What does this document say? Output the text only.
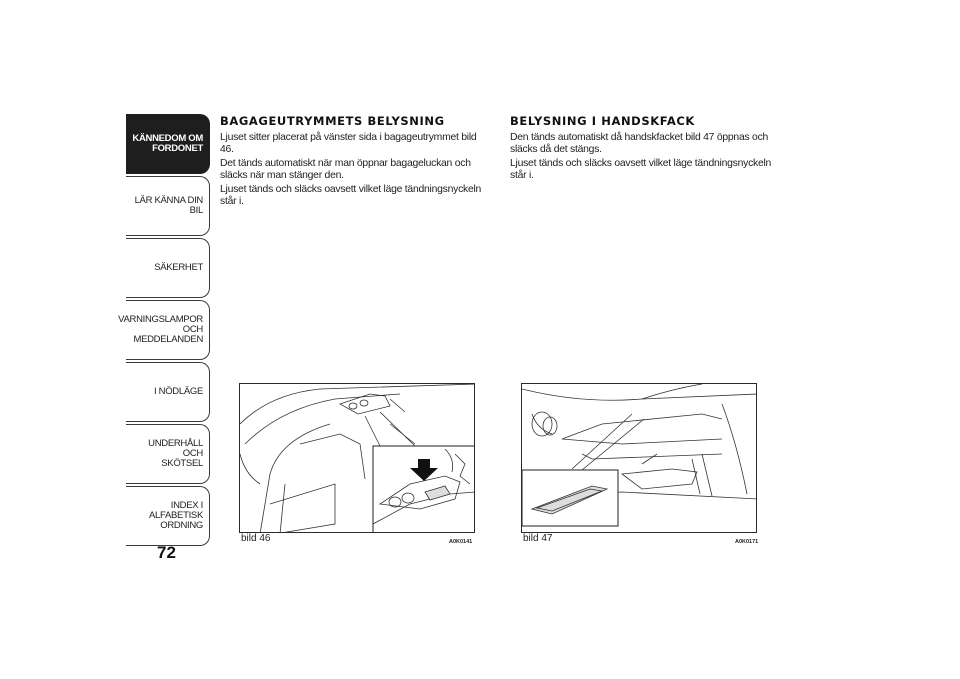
KÄNNEDOM OM
FORDONET
LÄR KÄNNA DIN BIL
SÄKERHET
VARNINGSLAMPOR
OCH MEDDELANDEN
I NÖDLÄGE
UNDERHÅLL OCH
SKÖTSEL
INDEX I ALFABETISK
ORDNING
72
BAGAGEUTRYMMETS BELYSNING

Ljuset sitter placerat på vänster sida i bagageutrymmet bild 46.

Det tänds automatiskt när man öppnar bagageluckan och släcks när man stänger den.

Ljuset tänds och släcks oavsett vilket läge tändningsnyckeln står i.

BELYSNING I HANDSKFACK

Den tänds automatiskt då handskfacket bild 47 öppnas och släcks då det stängs.

Ljuset tänds och släcks oavsett vilket läge tändningsnyckeln står i.

bild 46	A0K0141	bild 47	A0K0171
